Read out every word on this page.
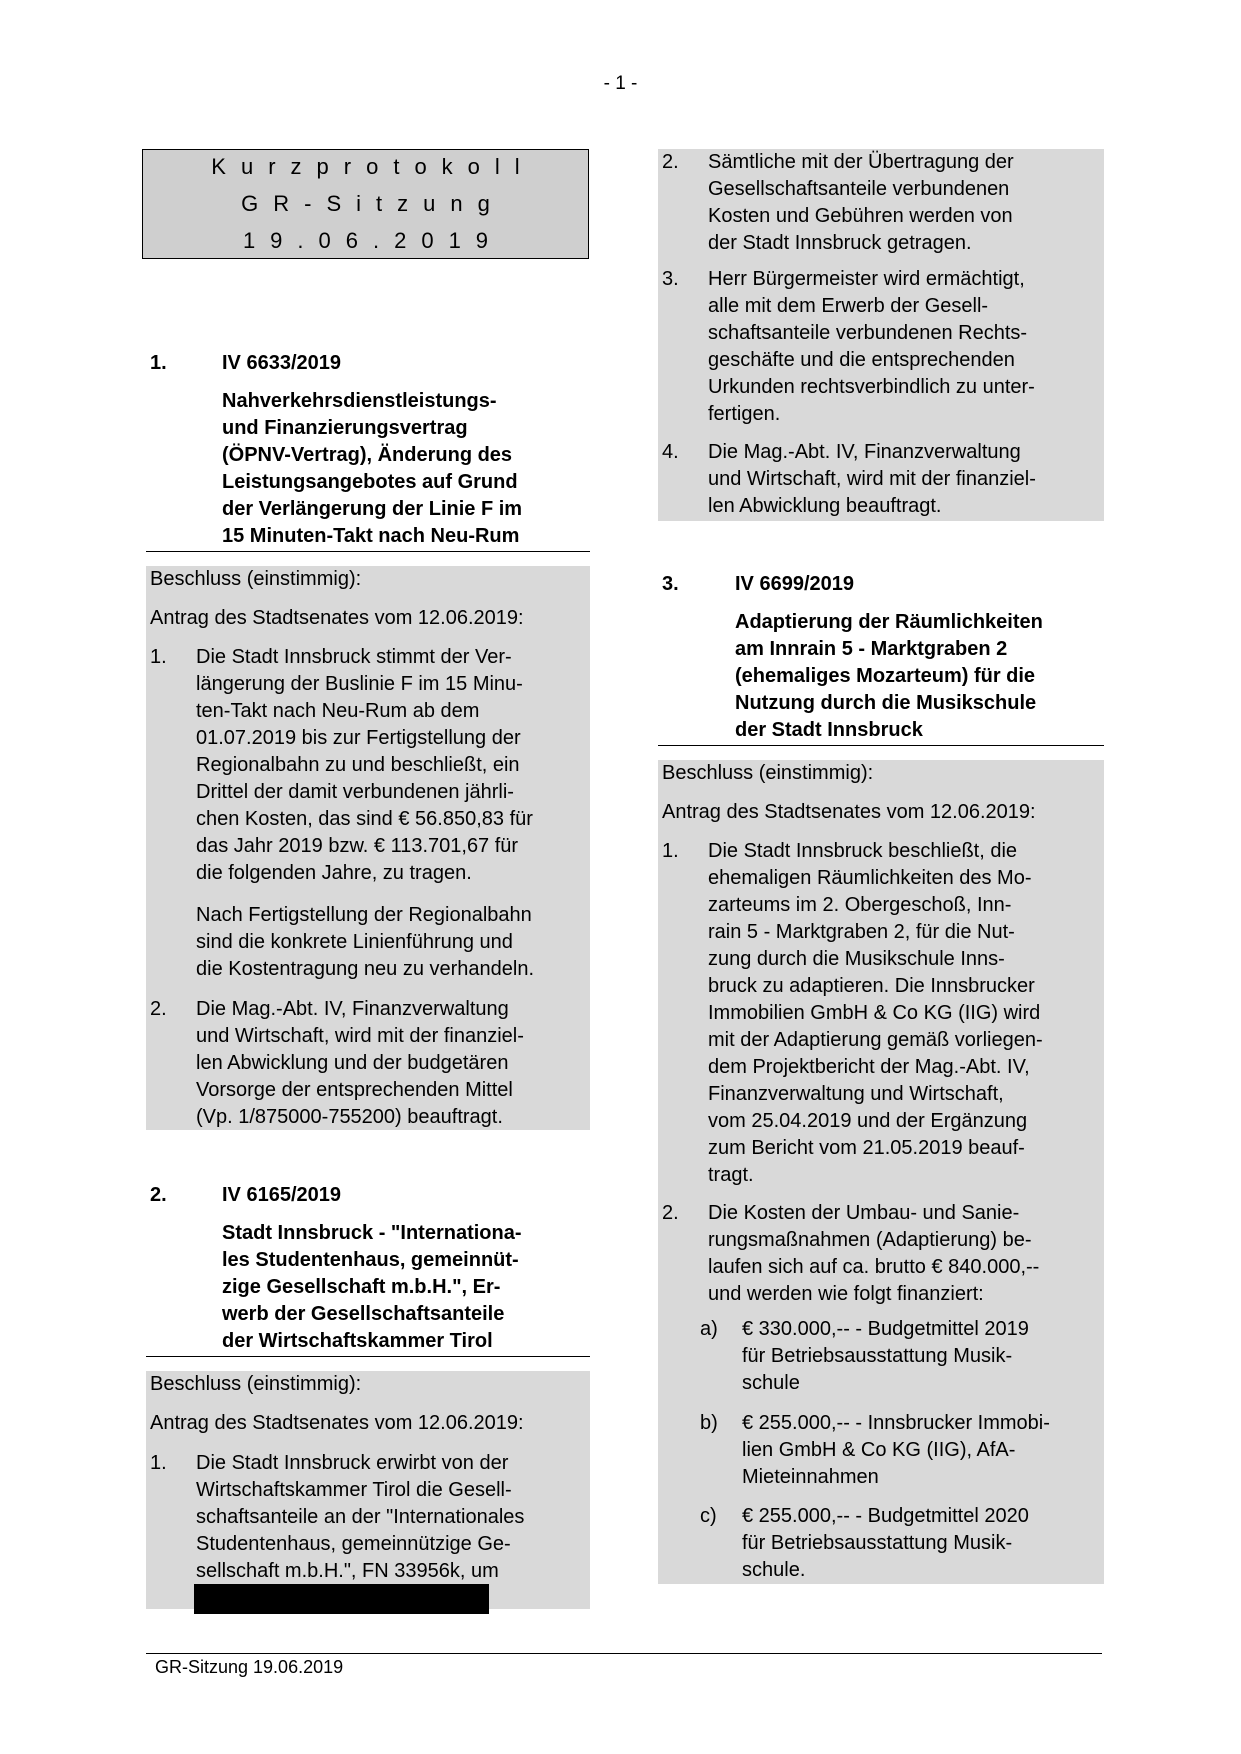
- 1 -
Kurzprotokoll
GR-Sitzung
19.06.2019
1.	IV 6633/2019
Nahverkehrsdienstleistungs-
und Finanzierungsvertrag
(ÖPNV-Vertrag), Änderung des
Leistungsangebotes auf Grund
der Verlängerung der Linie F im
15 Minuten-Takt nach Neu-Rum
Beschluss (einstimmig):
Antrag des Stadtsenates vom 12.06.2019:
1. Die Stadt Innsbruck stimmt der Ver-
längerung der Buslinie F im 15 Minu-
ten-Takt nach Neu-Rum ab dem
01.07.2019 bis zur Fertigstellung der
Regionalbahn zu und beschließt, ein
Drittel der damit verbundenen jährli-
chen Kosten, das sind € 56.850,83 für
das Jahr 2019 bzw. € 113.701,67 für
die folgenden Jahre, zu tragen.
Nach Fertigstellung der Regionalbahn
sind die konkrete Linienführung und
die Kostentragung neu zu verhandeln.
2. Die Mag.-Abt. IV, Finanzverwaltung
und Wirtschaft, wird mit der finanziel-
len Abwicklung und der budgetären
Vorsorge der entsprechenden Mittel
(Vp. 1/875000-755200) beauftragt.
2.	IV 6165/2019
Stadt Innsbruck - "Internationa-
les Studentenhaus, gemeinnüt-
zige Gesellschaft m.b.H.", Er-
werb der Gesellschaftsanteile
der Wirtschaftskammer Tirol
Beschluss (einstimmig):
Antrag des Stadtsenates vom 12.06.2019:
1. Die Stadt Innsbruck erwirbt von der
Wirtschaftskammer Tirol die Gesell-
schaftsanteile an der "Internationales
Studentenhaus, gemeinnützige Ge-
sellschaft m.b.H.", FN 33956k, um
2. Sämtliche mit der Übertragung der
Gesellschaftsanteile verbundenen
Kosten und Gebühren werden von
der Stadt Innsbruck getragen.
3. Herr Bürgermeister wird ermächtigt,
alle mit dem Erwerb der Gesell-
schaftsanteile verbundenen Rechts-
geschäfte und die entsprechenden
Urkunden rechtsverbindlich zu unter-
fertigen.
4. Die Mag.-Abt. IV, Finanzverwaltung
und Wirtschaft, wird mit der finanziel-
len Abwicklung beauftragt.
3.	IV 6699/2019
Adaptierung der Räumlichkeiten
am Innrain 5 - Marktgraben 2
(ehemaliges Mozarteum) für die
Nutzung durch die Musikschule
der Stadt Innsbruck
Beschluss (einstimmig):
Antrag des Stadtsenates vom 12.06.2019:
1. Die Stadt Innsbruck beschließt, die
ehemaligen Räumlichkeiten des Mo-
zarteums im 2. Obergeschoß, Inn-
rain 5 - Marktgraben 2, für die Nut-
zung durch die Musikschule Inns-
bruck zu adaptieren. Die Innsbrucker
Immobilien GmbH & Co KG (IIG) wird
mit der Adaptierung gemäß vorliegen-
dem Projektbericht der Mag.-Abt. IV,
Finanzverwaltung und Wirtschaft,
vom 25.04.2019 und der Ergänzung
zum Bericht vom 21.05.2019 beauf-
tragt.
2. Die Kosten der Umbau- und Sanie-
rungsmaßnahmen (Adaptierung) be-
laufen sich auf ca. brutto € 840.000,--
und werden wie folgt finanziert:
a) € 330.000,-- - Budgetmittel 2019
für Betriebsausstattung Musik-
schule
b) € 255.000,-- - Innsbrucker Immobi-
lien GmbH & Co KG (IIG), AfA-
Mieteinnahmen
c) € 255.000,-- - Budgetmittel 2020
für Betriebsausstattung Musik-
schule.
GR-Sitzung 19.06.2019
